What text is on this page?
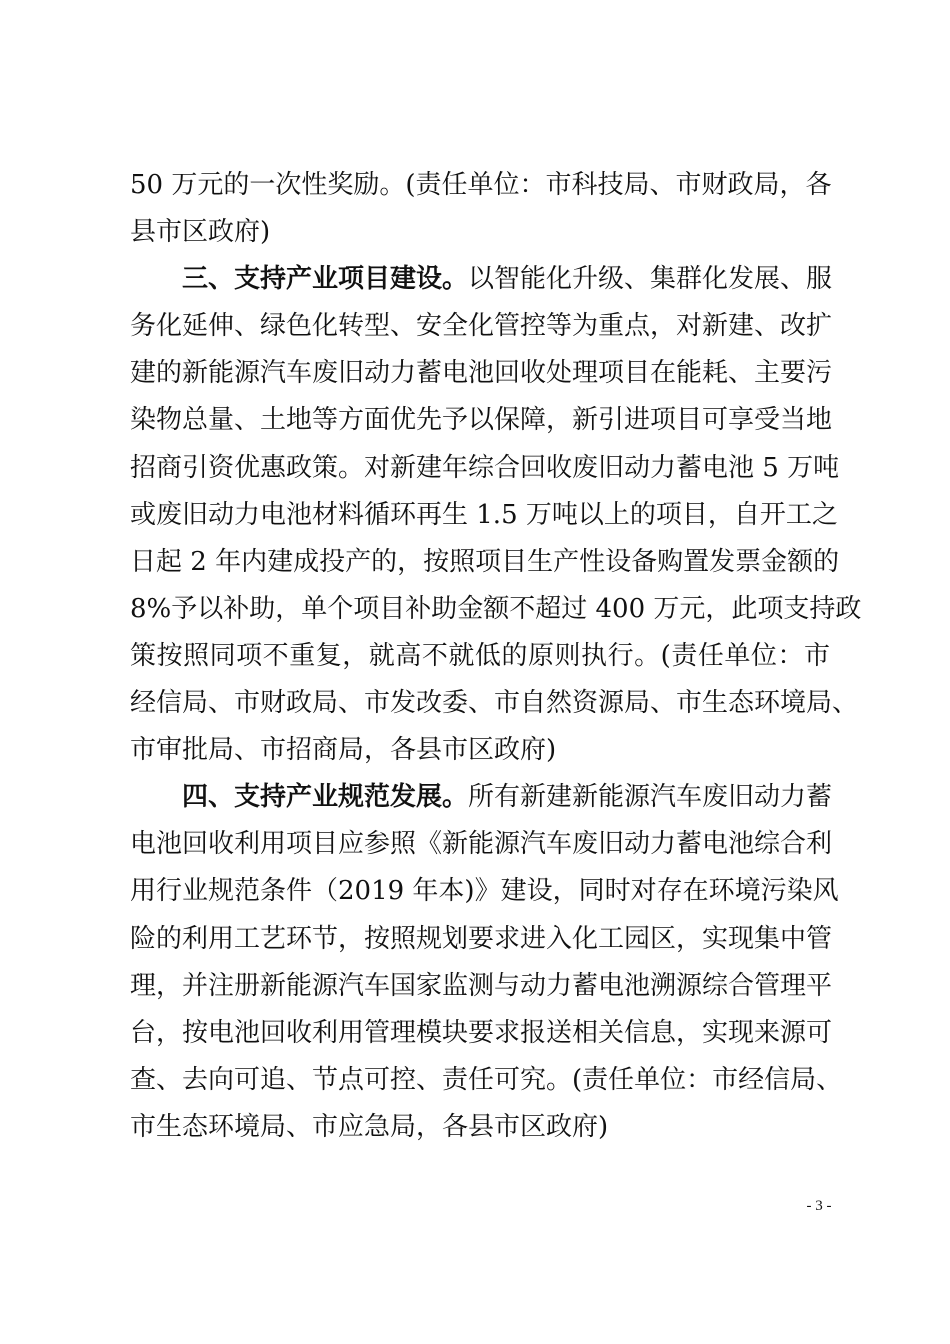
50 万元的一次性奖励。(责任单位：市科技局、市财政局，各
县市区政府)
三、支持产业项目建设。以智能化升级、集群化发展、服
务化延伸、绿色化转型、安全化管控等为重点，对新建、改扩
建的新能源汽车废旧动力蓄电池回收处理项目在能耗、主要污
染物总量、土地等方面优先予以保障，新引进项目可享受当地
招商引资优惠政策。对新建年综合回收废旧动力蓄电池 5 万吨
或废旧动力电池材料循环再生 1.5 万吨以上的项目，自开工之
日起 2 年内建成投产的，按照项目生产性设备购置发票金额的
8%予以补助，单个项目补助金额不超过 400 万元，此项支持政
策按照同项不重复，就高不就低的原则执行。(责任单位：市
经信局、市财政局、市发改委、市自然资源局、市生态环境局、
市审批局、市招商局，各县市区政府)
四、支持产业规范发展。所有新建新能源汽车废旧动力蓄
电池回收利用项目应参照《新能源汽车废旧动力蓄电池综合利
用行业规范条件（2019 年本)》建设，同时对存在环境污染风
险的利用工艺环节，按照规划要求进入化工园区，实现集中管
理，并注册新能源汽车国家监测与动力蓄电池溯源综合管理平
台，按电池回收利用管理模块要求报送相关信息，实现来源可
查、去向可追、节点可控、责任可究。(责任单位：市经信局、
市生态环境局、市应急局，各县市区政府)
- 3 -
